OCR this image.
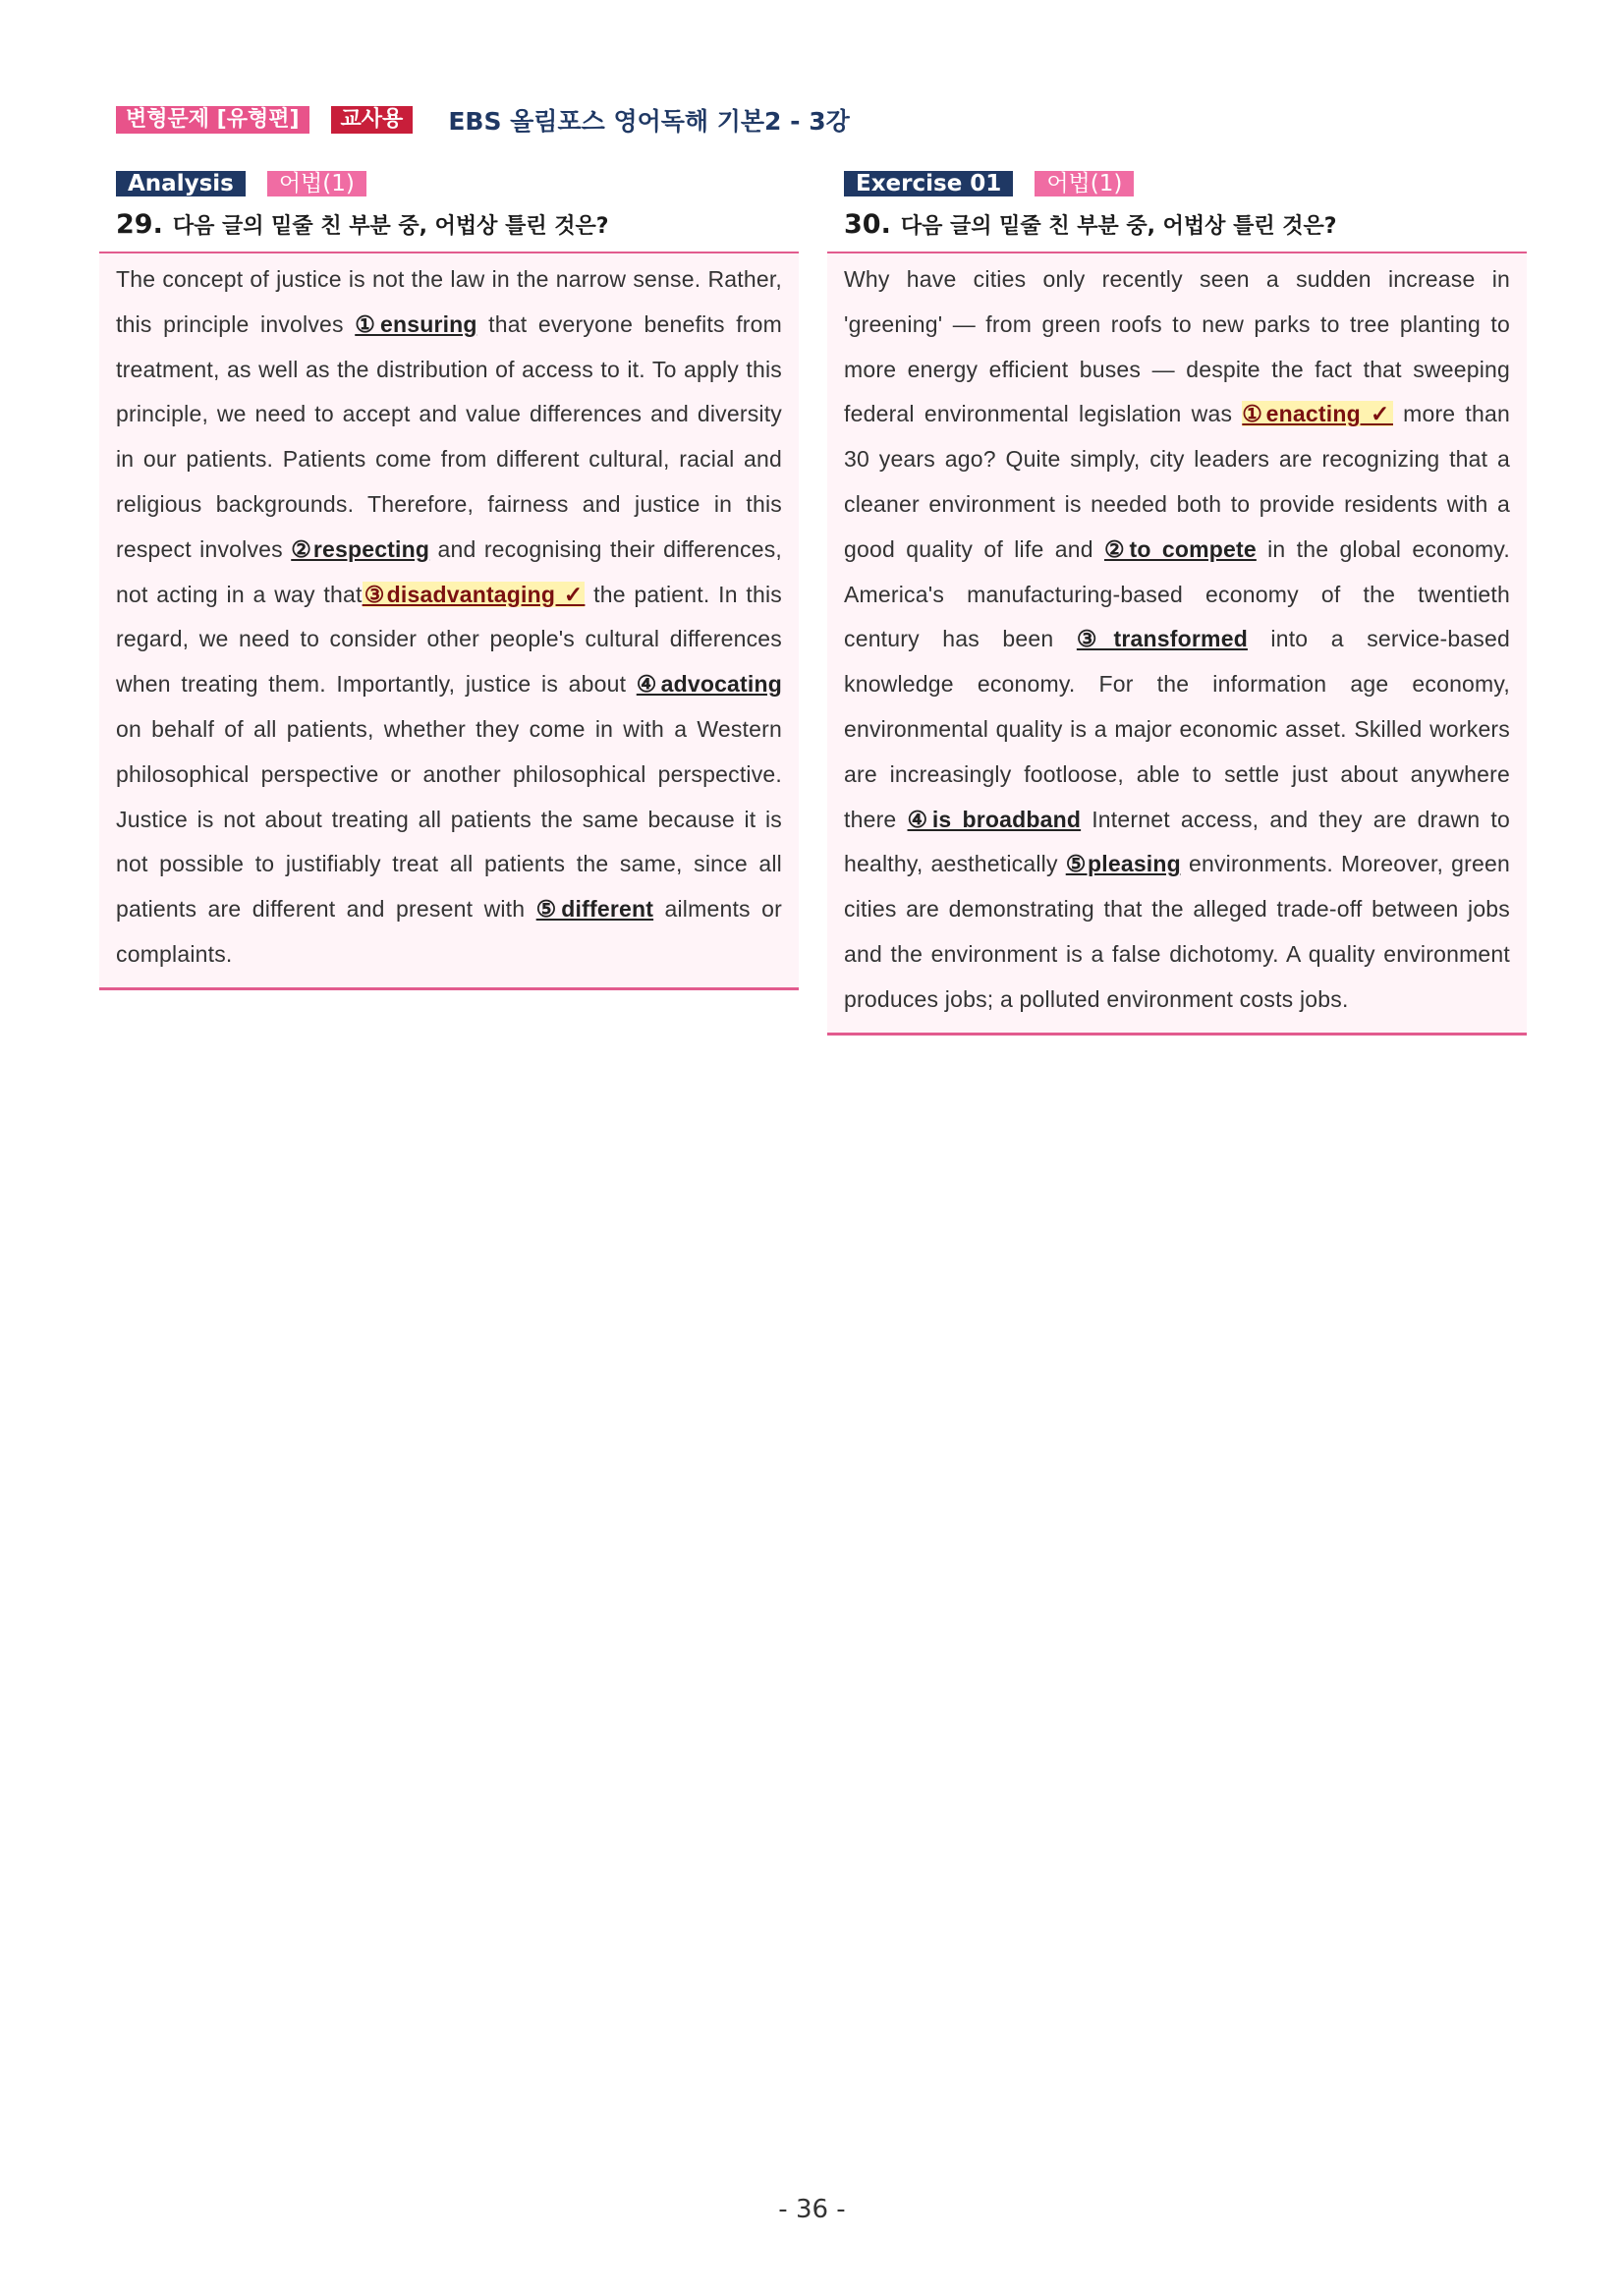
변형문제 [유형편]	교사용	EBS 올림포스 영어독해 기본2 - 3강
Analysis	어법(1)
29. 다음 글의 밑줄 친 부분 중, 어법상 틀린 것은?

The concept of justice is not the law in the narrow sense. Rather, this principle involves ①ensuring that everyone benefits from treatment, as well as the distribution of access to it. To apply this principle, we need to accept and value differences and diversity in our patients. Patients come from different cultural, racial and religious backgrounds. Therefore, fairness and justice in this respect involves ②respecting and recognising their differences, not acting in a way that③disadvantaging ✓ the patient. In this regard, we need to consider other people's cultural differences when treating them. Importantly, justice is about ④advocating on behalf of all patients, whether they come in with a Western philosophical perspective or another philosophical perspective. Justice is not about treating all patients the same because it is not possible to justifiably treat all patients the same, since all patients are different and present with ⑤different ailments or complaints.

Exercise 01	어법(1)
30. 다음 글의 밑줄 친 부분 중, 어법상 틀린 것은?

Why have cities only recently seen a sudden increase in 'greening' — from green roofs to new parks to tree planting to more energy efficient buses — despite the fact that sweeping federal environmental legislation was ①enacting ✓ more than 30 years ago? Quite simply, city leaders are recognizing that a cleaner environment is needed both to provide residents with a good quality of life and ②to compete in the global economy. America's manufacturing-based economy of the twentieth century has been ③transformed into a service-based knowledge economy. For the information age economy, environmental quality is a major economic asset. Skilled workers are increasingly footloose, able to settle just about anywhere there ④is broadband Internet access, and they are drawn to healthy, aesthetically ⑤pleasing environments. Moreover, green cities are demonstrating that the alleged trade-off between jobs and the environment is a false dichotomy. A quality environment produces jobs; a polluted environment costs jobs.

- 36 -
